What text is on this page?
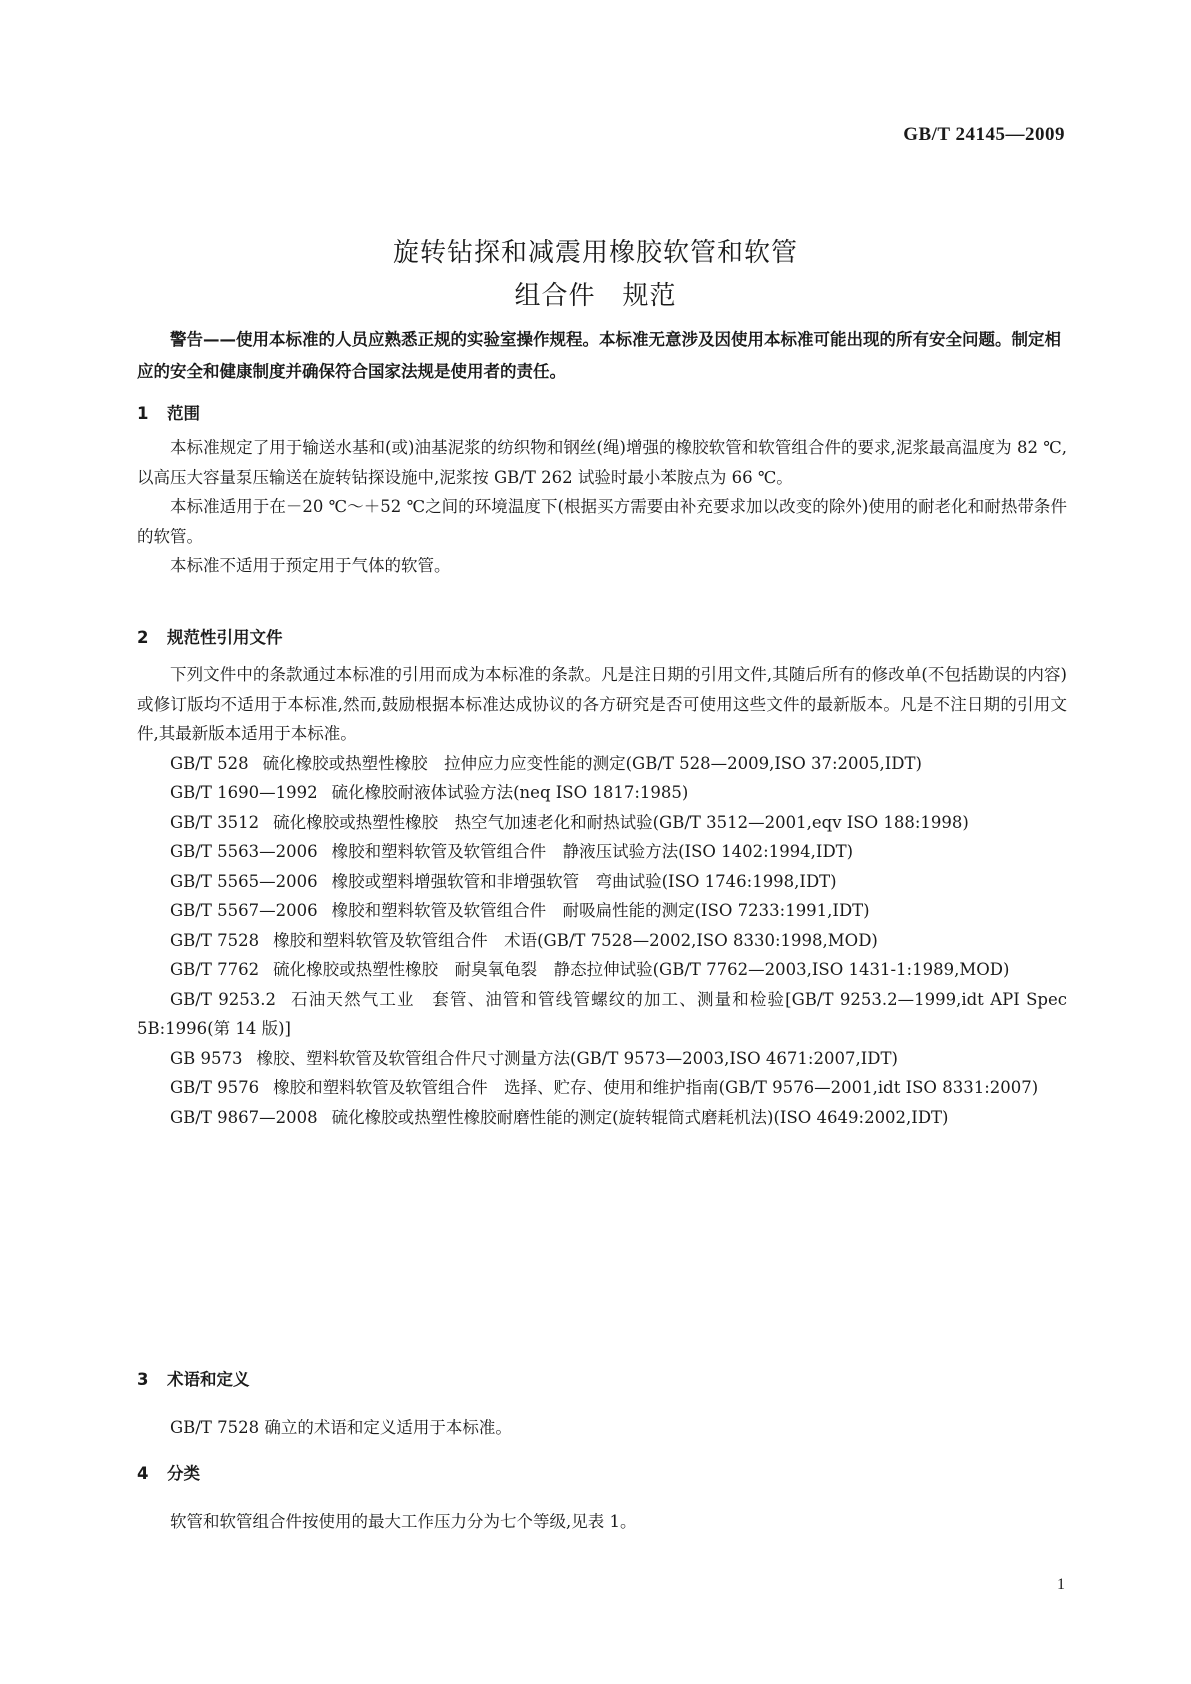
GB/T 24145—2009
旋转钻探和减震用橡胶软管和软管
组合件　规范

警告——使用本标准的人员应熟悉正规的实验室操作规程。本标准无意涉及因使用本标准可能出现的所有安全问题。制定相应的安全和健康制度并确保符合国家法规是使用者的责任。

1 范围

本标准规定了用于输送水基和(或)油基泥浆的纺织物和钢丝(绳)增强的橡胶软管和软管组合件的要求,泥浆最高温度为 82 ℃,以高压大容量泵压输送在旋转钻探设施中,泥浆按 GB/T 262 试验时最小苯胺点为 66 ℃。

本标准适用于在－20 ℃～＋52 ℃之间的环境温度下(根据买方需要由补充要求加以改变的除外)使用的耐老化和耐热带条件的软管。

本标准不适用于预定用于气体的软管。

2 规范性引用文件

下列文件中的条款通过本标准的引用而成为本标准的条款。凡是注日期的引用文件,其随后所有的修改单(不包括勘误的内容)或修订版均不适用于本标准,然而,鼓励根据本标准达成协议的各方研究是否可使用这些文件的最新版本。凡是不注日期的引用文件,其最新版本适用于本标准。

GB/T 528 硫化橡胶或热塑性橡胶　拉伸应力应变性能的测定(GB/T 528—2009,ISO 37:2005,IDT)

GB/T 1690—1992 硫化橡胶耐液体试验方法(neq ISO 1817:1985)

GB/T 3512 硫化橡胶或热塑性橡胶　热空气加速老化和耐热试验(GB/T 3512—2001,eqv ISO 188:1998)

GB/T 5563—2006 橡胶和塑料软管及软管组合件　静液压试验方法(ISO 1402:1994,IDT)

GB/T 5565—2006 橡胶或塑料增强软管和非增强软管　弯曲试验(ISO 1746:1998,IDT)

GB/T 5567—2006 橡胶和塑料软管及软管组合件　耐吸扁性能的测定(ISO 7233:1991,IDT)

GB/T 7528 橡胶和塑料软管及软管组合件　术语(GB/T 7528—2002,ISO 8330:1998,MOD)

GB/T 7762 硫化橡胶或热塑性橡胶　耐臭氧龟裂　静态拉伸试验(GB/T 7762—2003,ISO 1431-1:1989,MOD)

GB/T 9253.2 石油天然气工业　套管、油管和管线管螺纹的加工、测量和检验[GB/T 9253.2—1999,idt API Spec 5B:1996(第 14 版)]

GB 9573 橡胶、塑料软管及软管组合件尺寸测量方法(GB/T 9573—2003,ISO 4671:2007,IDT)

GB/T 9576 橡胶和塑料软管及软管组合件　选择、贮存、使用和维护指南(GB/T 9576—2001,idt ISO 8331:2007)

GB/T 9867—2008 硫化橡胶或热塑性橡胶耐磨性能的测定(旋转辊筒式磨耗机法)(ISO 4649:2002,IDT)

3 术语和定义

GB/T 7528 确立的术语和定义适用于本标准。

4 分类

软管和软管组合件按使用的最大工作压力分为七个等级,见表 1。

1
